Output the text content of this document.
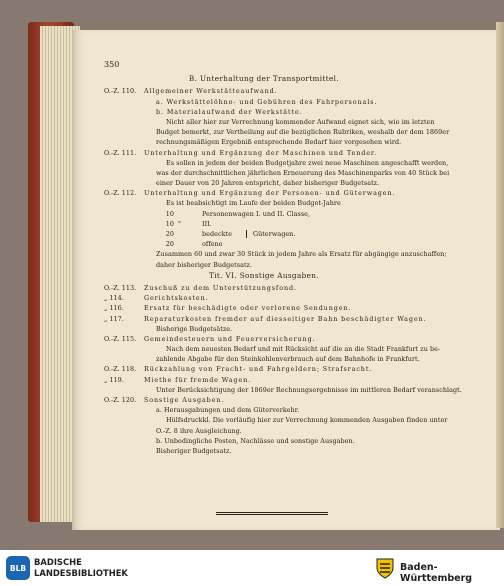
350
B. Unterhaltung der Transportmittel.
O.-Z. 110. Allgemeiner Werkstätteaufwand.
a. Werkstättelöhne- und Gebühren des Fahrpersonals.
b. Materialaufwand der Werkstätte.
Nicht aller hier zur Verrechnung kommender Aufwand eignet sich, wie im letzten
Budget bemerkt, zur Vertheilung auf die bezüglichen Rubriken, weshalb der dem 1869er
rechnungsmäßigen Ergebniß entsprechende Bedarf hier vorgesehen wird.
O.-Z. 111. Unterhaltung und Ergänzung der Maschinen und Tender.
Es sollen in jedem der beiden Budgetjahre zwei neue Maschinen angeschafft werden,
was der durchschnittlichen jährlichen Erneuerung des Maschinenparks von 40 Stück bei
einer Dauer von 20 Jahren entspricht, daher bisheriger Budgetsatz.
O.-Z. 112. Unterhaltung und Ergänzung der Personen- und Güterwagen.
Es ist beabsichtigt im Laufe der beiden Budget-Jahre
10	Personenwagen I. und II. Classe,
10 "	III.
20	bedeckte	Güterwagen.
20	offene
Zusammen 60 und zwar 30 Stück in jedem Jahre als Ersatz für abgängige anzuschaffen;
daher bisheriger Budgetsatz.
Tit. VI. Sonstige Ausgaben.
O.-Z. 113. Zuschuß zu dem Unterstützungsfond.
„ 114.	Gerichtskosten.
„ 116.	Ersatz für beschädigte oder verlorene Sendungen.
„ 117.	Reparaturkosten fremder auf diesseitiger Bahn beschädigter Wagen.
Bisherige Budgetsätze.
O.-Z. 115. Gemeindesteuern und Feuerversicherung.
Nach dem neuesten Bedarf und mit Rücksicht auf die an die Stadt Frankfurt zu be-
zahlende Abgabe für den Steinkohlenverbrauch auf dem Bahnhofe in Frankfurt.
O.-Z. 118. Rückzahlung von Fracht- und Fahrgeldern; Strafsracht.
„ 119.	Miethe für fremde Wagen.
Unter Berücksichtigung der 1869er Rechnungsergebnisse im mittleren Bedarf veranschlagt.
O.-Z. 120. Sonstige Ausgaben.
a. Herausgabungen und dem Güterverkehr.
Hülfsdruckkl. Die vorläufig hier zur Verrechnung kommenden Ausgaben finden unter
O.-Z. 8 ihre Ausgleichung.
b. Unbedingliche Posten, Nachlässe und sonstige Ausgaben.
Bisheriger Budgetsatz.
BLB
BADISCHE
LANDESBIBLIOTHEK	Baden-Württemberg
